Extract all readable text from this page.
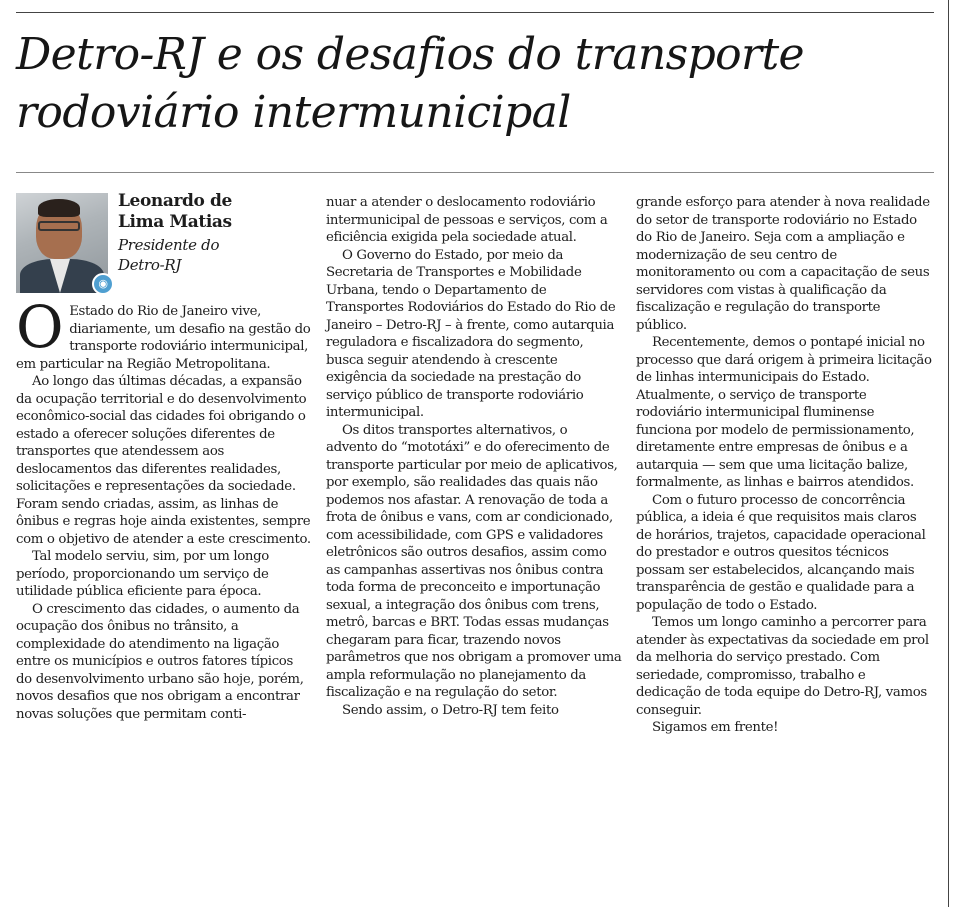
Detro-RJ e os desafios do transporte rodoviário intermunicipal
◉
Leonardo de
Lima Matias
Presidente do
Detro-RJ

O Estado do Rio de Janeiro vive, diariamente, um desafio na gestão do transporte rodoviário intermunicipal, em particular na Região Metropolitana.

Ao longo das últimas décadas, a expansão da ocupação territorial e do desenvolvimento econômico-social das cidades foi obrigando o estado a oferecer soluções diferentes de transportes que atendessem aos deslocamentos das diferentes realidades, solicitações e representações da sociedade. Foram sendo criadas, assim, as linhas de ônibus e regras hoje ainda existentes, sempre com o objetivo de atender a este crescimento.

Tal modelo serviu, sim, por um longo período, proporcionando um serviço de utilidade pública eficiente para época.

O crescimento das cidades, o aumento da ocupação dos ônibus no trânsito, a complexidade do atendimento na ligação entre os municípios e outros fatores típicos do desenvolvimento urbano são hoje, porém, novos desafios que nos obrigam a encontrar novas soluções que permitam conti-

nuar a atender o deslocamento rodoviário intermunicipal de pessoas e serviços, com a eficiência exigida pela sociedade atual.

O Governo do Estado, por meio da Secretaria de Transportes e Mobilidade Urbana, tendo o Departamento de Transportes Rodoviários do Estado do Rio de Janeiro – Detro-RJ – à frente, como autarquia reguladora e fiscalizadora do segmento, busca seguir atendendo à crescente exigência da sociedade na prestação do serviço público de transporte rodoviário intermunicipal.

Os ditos transportes alternativos, o advento do “mototáxi” e do oferecimento de transporte particular por meio de aplicativos, por exemplo, são realidades das quais não podemos nos afastar. A renovação de toda a frota de ônibus e vans, com ar condicionado, com acessibilidade, com GPS e validadores eletrônicos são outros desafios, assim como as campanhas assertivas nos ônibus contra toda forma de preconceito e importunação sexual, a integração dos ônibus com trens, metrô, barcas e BRT. Todas essas mudanças chegaram para ficar, trazendo novos parâmetros que nos obrigam a promover uma ampla reformulação no planejamento da fiscalização e na regulação do setor.

Sendo assim, o Detro-RJ tem feito

grande esforço para atender à nova realidade do setor de transporte rodoviário no Estado do Rio de Janeiro. Seja com a ampliação e modernização de seu centro de monitoramento ou com a capacitação de seus servidores com vistas à qualificação da fiscalização e regulação do transporte público.

Recentemente, demos o pontapé inicial no processo que dará origem à primeira licitação de linhas intermunicipais do Estado. Atualmente, o serviço de transporte rodoviário intermunicipal fluminense funciona por modelo de permissionamento, diretamente entre empresas de ônibus e a autarquia — sem que uma licitação balize, formalmente, as linhas e bairros atendidos.

Com o futuro processo de concorrência pública, a ideia é que requisitos mais claros de horários, trajetos, capacidade operacional do prestador e outros quesitos técnicos possam ser estabelecidos, alcançando mais transparência de gestão e qualidade para a população de todo o Estado.

Temos um longo caminho a percorrer para atender às expectativas da sociedade em prol da melhoria do serviço prestado. Com seriedade, compromisso, trabalho e dedicação de toda equipe do Detro-RJ, vamos conseguir.

Sigamos em frente!
